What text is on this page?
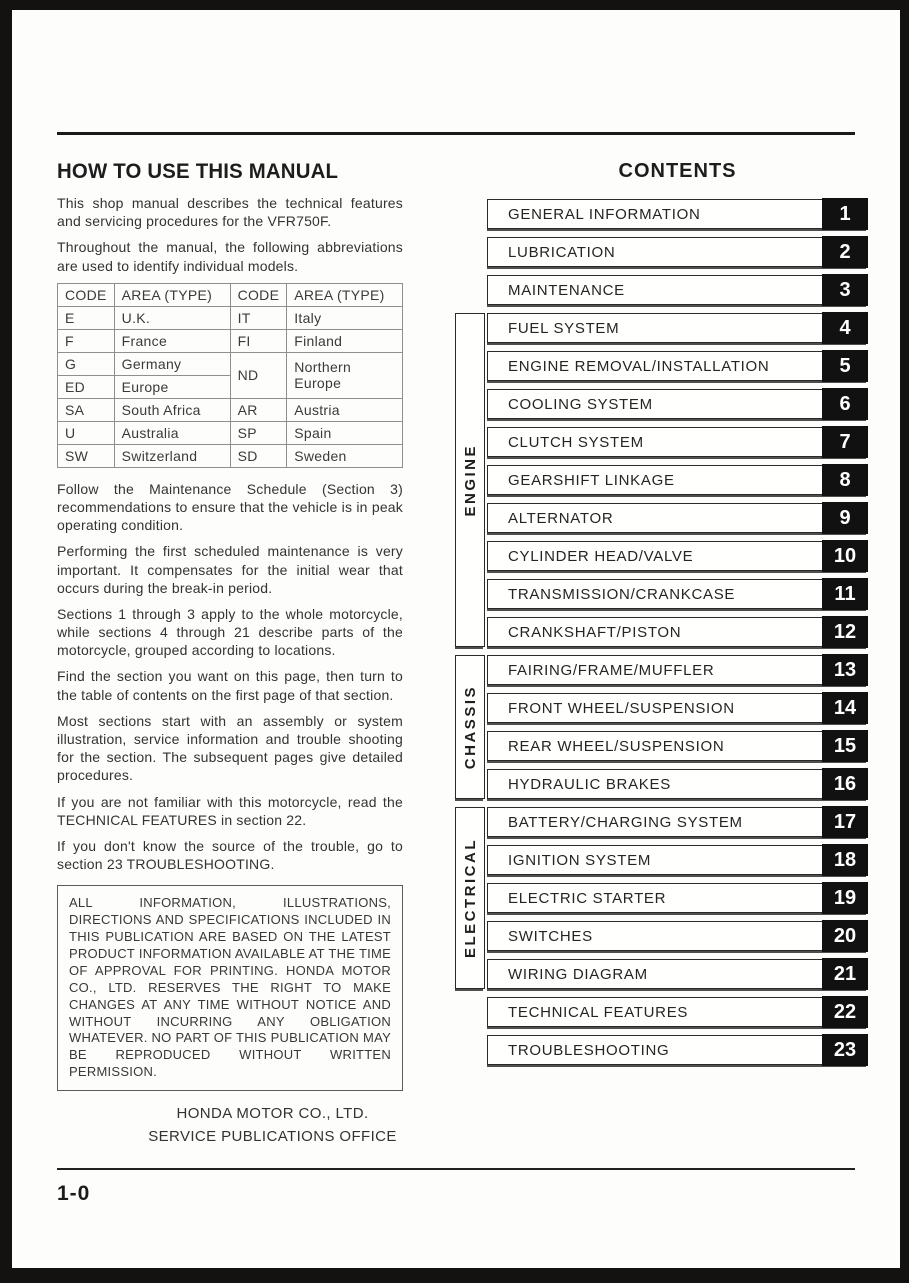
HOW TO USE THIS MANUAL

This shop manual describes the technical features and servicing procedures for the VFR750F.

Throughout the manual, the following abbreviations are used to identify individual models.

CODE	AREA (TYPE)	CODE	AREA (TYPE)
E	U.K.	IT	Italy
F	France	FI	Finland
G	Germany	ND	Northern Europe
ED	Europe		
SA	South Africa	AR	Austria
U	Australia	SP	Spain
SW	Switzerland	SD	Sweden

Follow the Maintenance Schedule (Section 3) recommendations to ensure that the vehicle is in peak operating condition.

Performing the first scheduled maintenance is very important. It compensates for the initial wear that occurs during the break-in period.

Sections 1 through 3 apply to the whole motorcycle, while sections 4 through 21 describe parts of the motorcycle, grouped according to locations.

Find the section you want on this page, then turn to the table of contents on the first page of that section.

Most sections start with an assembly or system illustration, service information and trouble shooting for the section. The subsequent pages give detailed procedures.

If you are not familiar with this motorcycle, read the TECHNICAL FEATURES in section 22.

If you don't know the source of the trouble, go to section 23 TROUBLESHOOTING.

ALL INFORMATION, ILLUSTRATIONS, DIRECTIONS AND SPECIFICATIONS INCLUDED IN THIS PUBLICATION ARE BASED ON THE LATEST PRODUCT INFORMATION AVAILABLE AT THE TIME OF APPROVAL FOR PRINTING. HONDA MOTOR CO., LTD. RESERVES THE RIGHT TO MAKE CHANGES AT ANY TIME WITHOUT NOTICE AND WITHOUT INCURRING ANY OBLIGATION WHATEVER. NO PART OF THIS PUBLICATION MAY BE REPRODUCED WITHOUT WRITTEN PERMISSION.
HONDA MOTOR CO., LTD.
SERVICE PUBLICATIONS OFFICE
CONTENTS
GENERAL INFORMATION	1
LUBRICATION	2
MAINTENANCE	3
FUEL SYSTEM	4
ENGINE REMOVAL/INSTALLATION	5
COOLING SYSTEM	6
CLUTCH SYSTEM	7
GEARSHIFT LINKAGE	8
ALTERNATOR	9
CYLINDER HEAD/VALVE	10
TRANSMISSION/CRANKCASE	11
CRANKSHAFT/PISTON	12
FAIRING/FRAME/MUFFLER	13
FRONT WHEEL/SUSPENSION	14
REAR WHEEL/SUSPENSION	15
HYDRAULIC BRAKES	16
BATTERY/CHARGING SYSTEM	17
IGNITION SYSTEM	18
ELECTRIC STARTER	19
SWITCHES	20
WIRING DIAGRAM	21
TECHNICAL FEATURES	22
TROUBLESHOOTING	23
ENGINE
CHASSIS
ELECTRICAL
1-0
